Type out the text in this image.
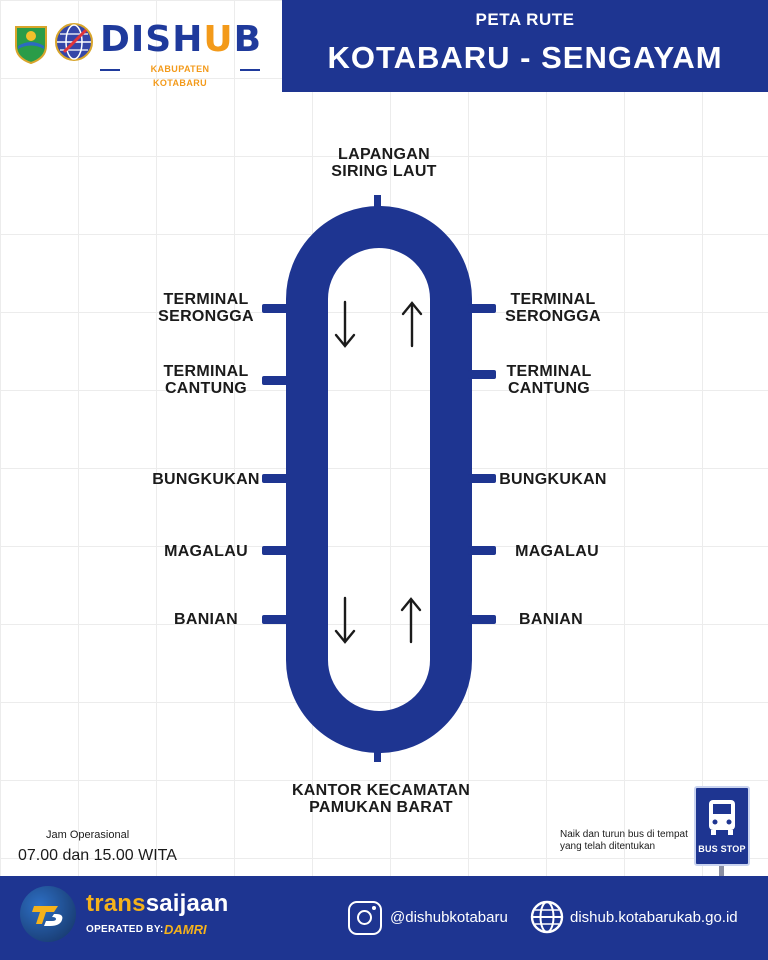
DISHUB
KABUPATEN KOTABARU
PETA RUTE
KOTABARU - SENGAYAM
LAPANGAN
SIRING LAUT
KANTOR KECAMATAN
PAMUKAN BARAT
TERMINAL
SERONGGA
TERMINAL
CANTUNG
BUNGKUKAN
MAGALAU
BANIAN
TERMINAL
SERONGGA
TERMINAL
CANTUNG
BUNGKUKAN
MAGALAU
BANIAN
Jam Operasional
07.00 dan 15.00 WITA
Naik dan turun bus di tempat yang telah ditentukan	BUS STOP
transsaijaan
OPERATED BY: DAMRI
@dishubkotabaru	dishub.kotabarukab.go.id
